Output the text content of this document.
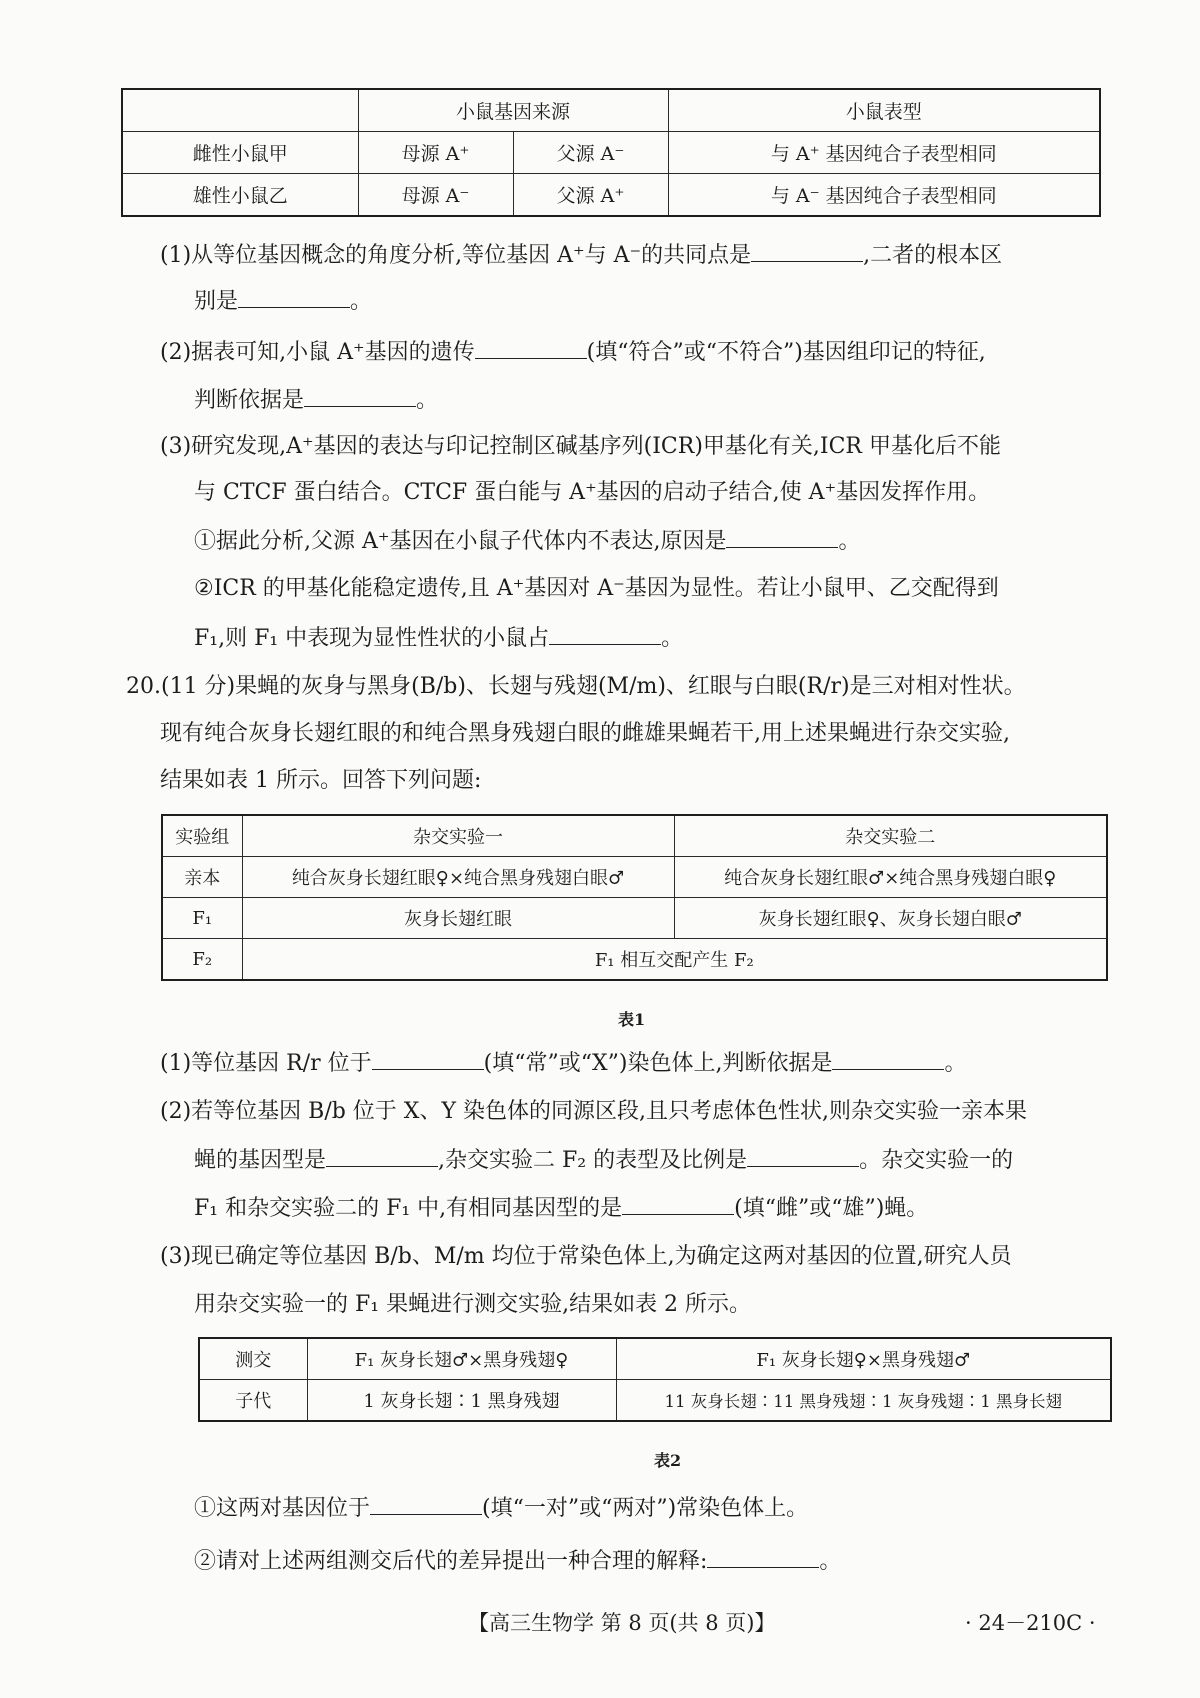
	小鼠基因来源		小鼠表型
雌性小鼠甲	母源 A⁺	父源 A⁻	与 A⁺ 基因纯合子表型相同
雄性小鼠乙	母源 A⁻	父源 A⁺	与 A⁻ 基因纯合子表型相同
(1)从等位基因概念的角度分析,等位基因 A⁺与 A⁻的共同点是	,二者的根本区
别是	。
(2)据表可知,小鼠 A⁺基因的遗传	(填“符合”或“不符合”)基因组印记的特征,
判断依据是	。
(3)研究发现,A⁺基因的表达与印记控制区碱基序列(ICR)甲基化有关,ICR 甲基化后不能
与 CTCF 蛋白结合。CTCF 蛋白能与 A⁺基因的启动子结合,使 A⁺基因发挥作用。
①据此分析,父源 A⁺基因在小鼠子代体内不表达,原因是	。
②ICR 的甲基化能稳定遗传,且 A⁺基因对 A⁻基因为显性。若让小鼠甲、乙交配得到
F₁,则 F₁ 中表现为显性性状的小鼠占	。
20.(11 分)果蝇的灰身与黑身(B/b)、长翅与残翅(M/m)、红眼与白眼(R/r)是三对相对性状。
现有纯合灰身长翅红眼的和纯合黑身残翅白眼的雌雄果蝇若干,用上述果蝇进行杂交实验,
结果如表 1 所示。回答下列问题:
实验组	杂交实验一	杂交实验二
亲本	纯合灰身长翅红眼♀×纯合黑身残翅白眼♂	纯合灰身长翅红眼♂×纯合黑身残翅白眼♀
F₁	灰身长翅红眼	灰身长翅红眼♀、灰身长翅白眼♂
F₂	F₁ 相互交配产生 F₂	
表1
(1)等位基因 R/r 位于	(填“常”或“X”)染色体上,判断依据是	。
(2)若等位基因 B/b 位于 X、Y 染色体的同源区段,且只考虑体色性状,则杂交实验一亲本果
蝇的基因型是	,杂交实验二 F₂ 的表型及比例是	。杂交实验一的
F₁ 和杂交实验二的 F₁ 中,有相同基因型的是	(填“雌”或“雄”)蝇。
(3)现已确定等位基因 B/b、M/m 均位于常染色体上,为确定这两对基因的位置,研究人员
用杂交实验一的 F₁ 果蝇进行测交实验,结果如表 2 所示。
测交	F₁ 灰身长翅♂×黑身残翅♀	F₁ 灰身长翅♀×黑身残翅♂
子代	1 灰身长翅∶1 黑身残翅	11 灰身长翅∶11 黑身残翅∶1 灰身残翅∶1 黑身长翅
表2
①这两对基因位于	(填“一对”或“两对”)常染色体上。
②请对上述两组测交后代的差异提出一种合理的解释:	。
【高三生物学 第 8 页(共 8 页)】	· 24－210C ·
